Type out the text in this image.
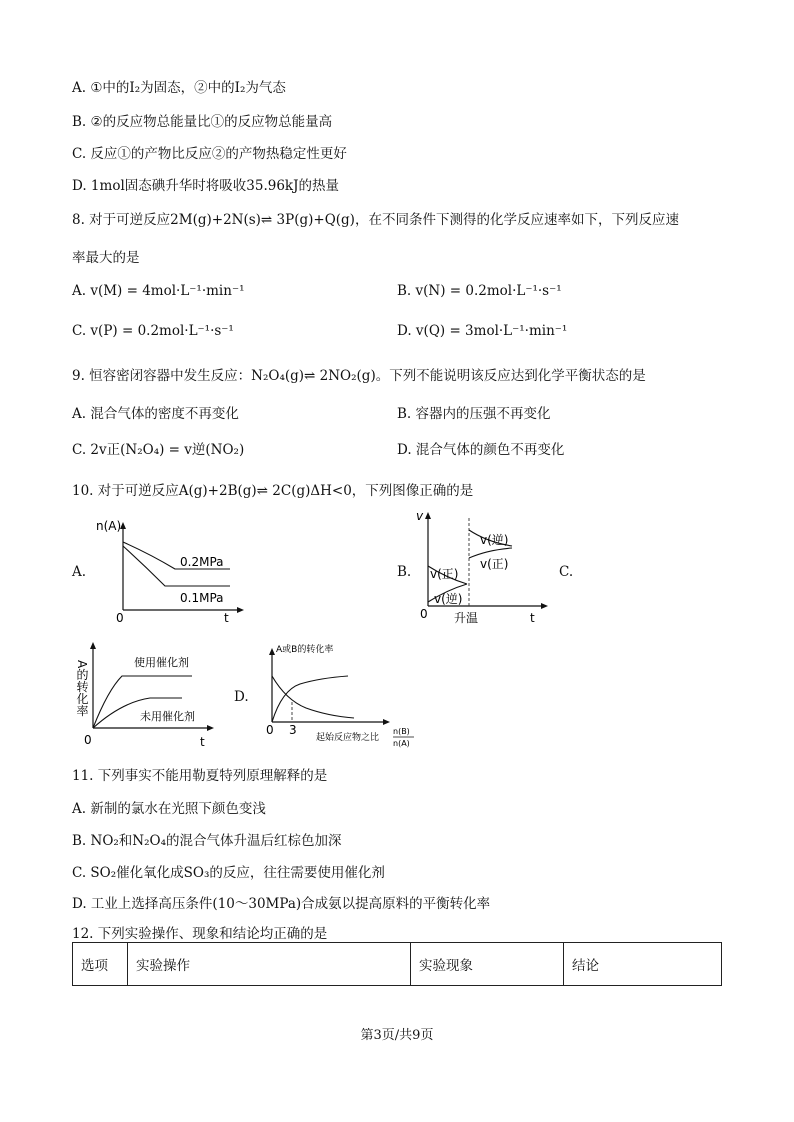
A. ①中的I₂为固态，②中的I₂为气态
B. ②的反应物总能量比①的反应物总能量高
C. 反应①的产物比反应②的产物热稳定性更好
D. 1mol固态碘升华时将吸收35.96kJ的热量
8. 对于可逆反应2M(g)+2N(s)⇌ 3P(g)+Q(g)，在不同条件下测得的化学反应速率如下，下列反应速
率最大的是
A. v(M) = 4mol·L⁻¹·min⁻¹	B. v(N) = 0.2mol·L⁻¹·s⁻¹
C. v(P) = 0.2mol·L⁻¹·s⁻¹	D. v(Q) = 3mol·L⁻¹·min⁻¹
9. 恒容密闭容器中发生反应：N₂O₄(g)⇌ 2NO₂(g)。下列不能说明该反应达到化学平衡状态的是
A. 混合气体的密度不再变化	B. 容器内的压强不再变化
C. 2v正(N₂O₄) = v逆(NO₂)	D. 混合气体的颜色不再变化
10. 对于可逆反应A(g)+2B(g)⇌ 2C(g)ΔH<0，下列图像正确的是
A.	B.	C.
D.
n(A)
0.2MPa
0.1MPa
0	t
v
v(正)
v(逆)
v(逆)
v(正)
0 升温	t
A的转化率	使用催化剂
未用催化剂
0	t
A或B的转化率
0 3
起始反应物之比
n(B)
n(A)
11. 下列事实不能用勒夏特列原理解释的是
A. 新制的氯水在光照下颜色变浅
B. NO₂和N₂O₄的混合气体升温后红棕色加深
C. SO₂催化氧化成SO₃的反应，往往需要使用催化剂
D. 工业上选择高压条件(10～30MPa)合成氨以提高原料的平衡转化率
12. 下列实验操作、现象和结论均正确的是
选项	实验操作	实验现象	结论
第3页/共9页
